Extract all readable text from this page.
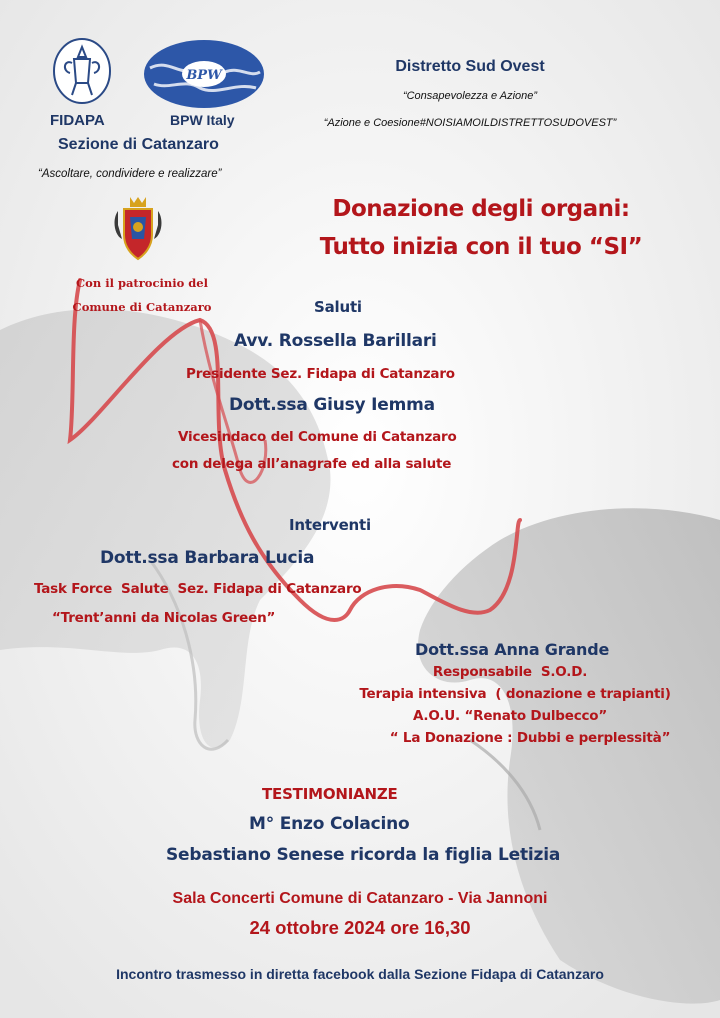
FIDAPA
BPW
BPW Italy
Sezione di Catanzaro
“Ascoltare, condividere e realizzare”
Distretto Sud Ovest
“Consapevolezza e Azione”
“Azione e Coesione#NOISIAMOILDISTRETTOSUDOVEST”
Con il patrocinio del
Comune di Catanzaro
Donazione degli organi:
Tutto inizia con il tuo “SI”
Saluti
Avv. Rossella Barillari
Presidente Sez. Fidapa di Catanzaro
Dott.ssa Giusy Iemma
Vicesindaco del Comune di Catanzaro
con delega all’anagrafe ed alla salute
Interventi
Dott.ssa Barbara Lucia
Task Force  Salute  Sez. Fidapa di Catanzaro
“Trent’anni da Nicolas Green”
Dott.ssa Anna Grande
Responsabile  S.O.D.
Terapia intensiva  ( donazione e trapianti)
A.O.U. “Renato Dulbecco”
“ La Donazione : Dubbi e perplessità”
TESTIMONIANZE
M° Enzo Colacino
Sebastiano Senese ricorda la figlia Letizia
Sala Concerti Comune di Catanzaro - Via Jannoni
24 ottobre 2024 ore 16,30
Incontro trasmesso in diretta facebook dalla Sezione Fidapa di Catanzaro
